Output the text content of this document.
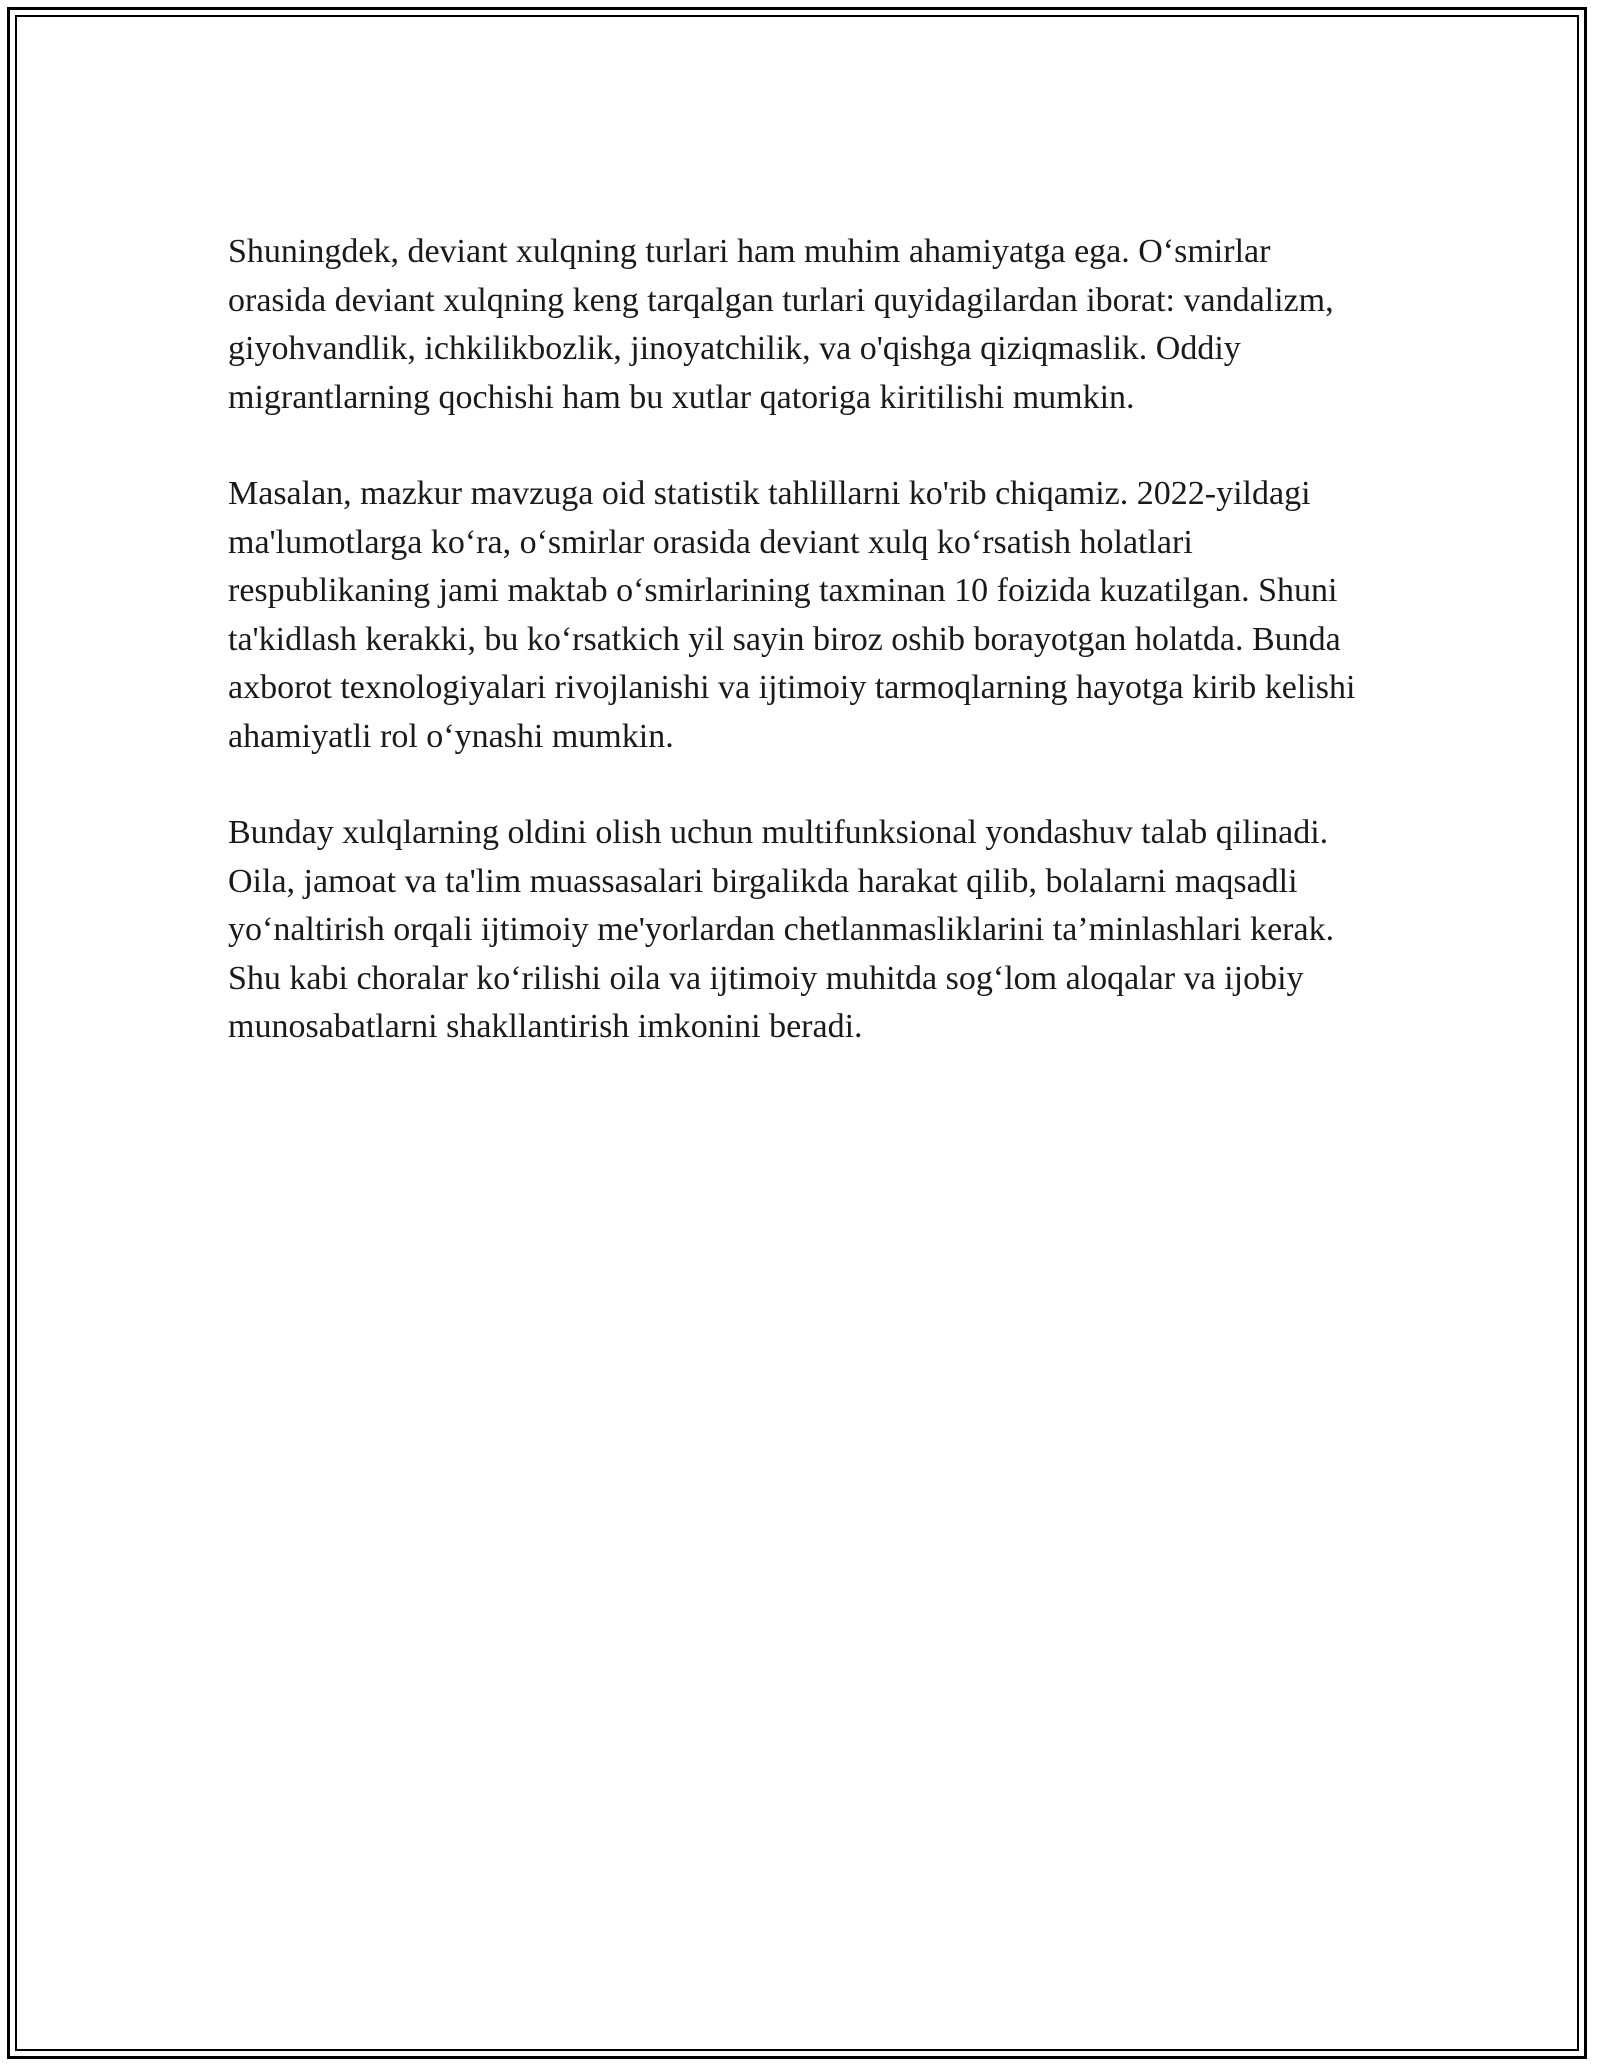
Shuningdek, deviant xulqning turlari ham muhim ahamiyatga ega. O‘smirlar orasida deviant xulqning keng tarqalgan turlari quyidagilardan iborat: vandalizm, giyohvandlik, ichkilikbozlik, jinoyatchilik, va o'qishga qiziqmaslik. Oddiy migrantlarning qochishi ham bu xutlar qatoriga kiritilishi mumkin.

Masalan, mazkur mavzuga oid statistik tahlillarni ko'rib chiqamiz. 2022-yildagi ma'lumotlarga ko‘ra, o‘smirlar orasida deviant xulq ko‘rsatish holatlari respublikaning jami maktab o‘smirlarining taxminan 10 foizida kuzatilgan. Shuni ta'kidlash kerakki, bu ko‘rsatkich yil sayin biroz oshib borayotgan holatda. Bunda axborot texnologiyalari rivojlanishi va ijtimoiy tarmoqlarning hayotga kirib kelishi ahamiyatli rol o‘ynashi mumkin.

Bunday xulqlarning oldini olish uchun multifunksional yondashuv talab qilinadi. Oila, jamoat va ta'lim muassasalari birgalikda harakat qilib, bolalarni maqsadli yo‘naltirish orqali ijtimoiy me'yorlardan chetlanmasliklarini ta’minlashlari kerak. Shu kabi choralar ko‘rilishi oila va ijtimoiy muhitda sog‘lom aloqalar va ijobiy munosabatlarni shakllantirish imkonini beradi.
